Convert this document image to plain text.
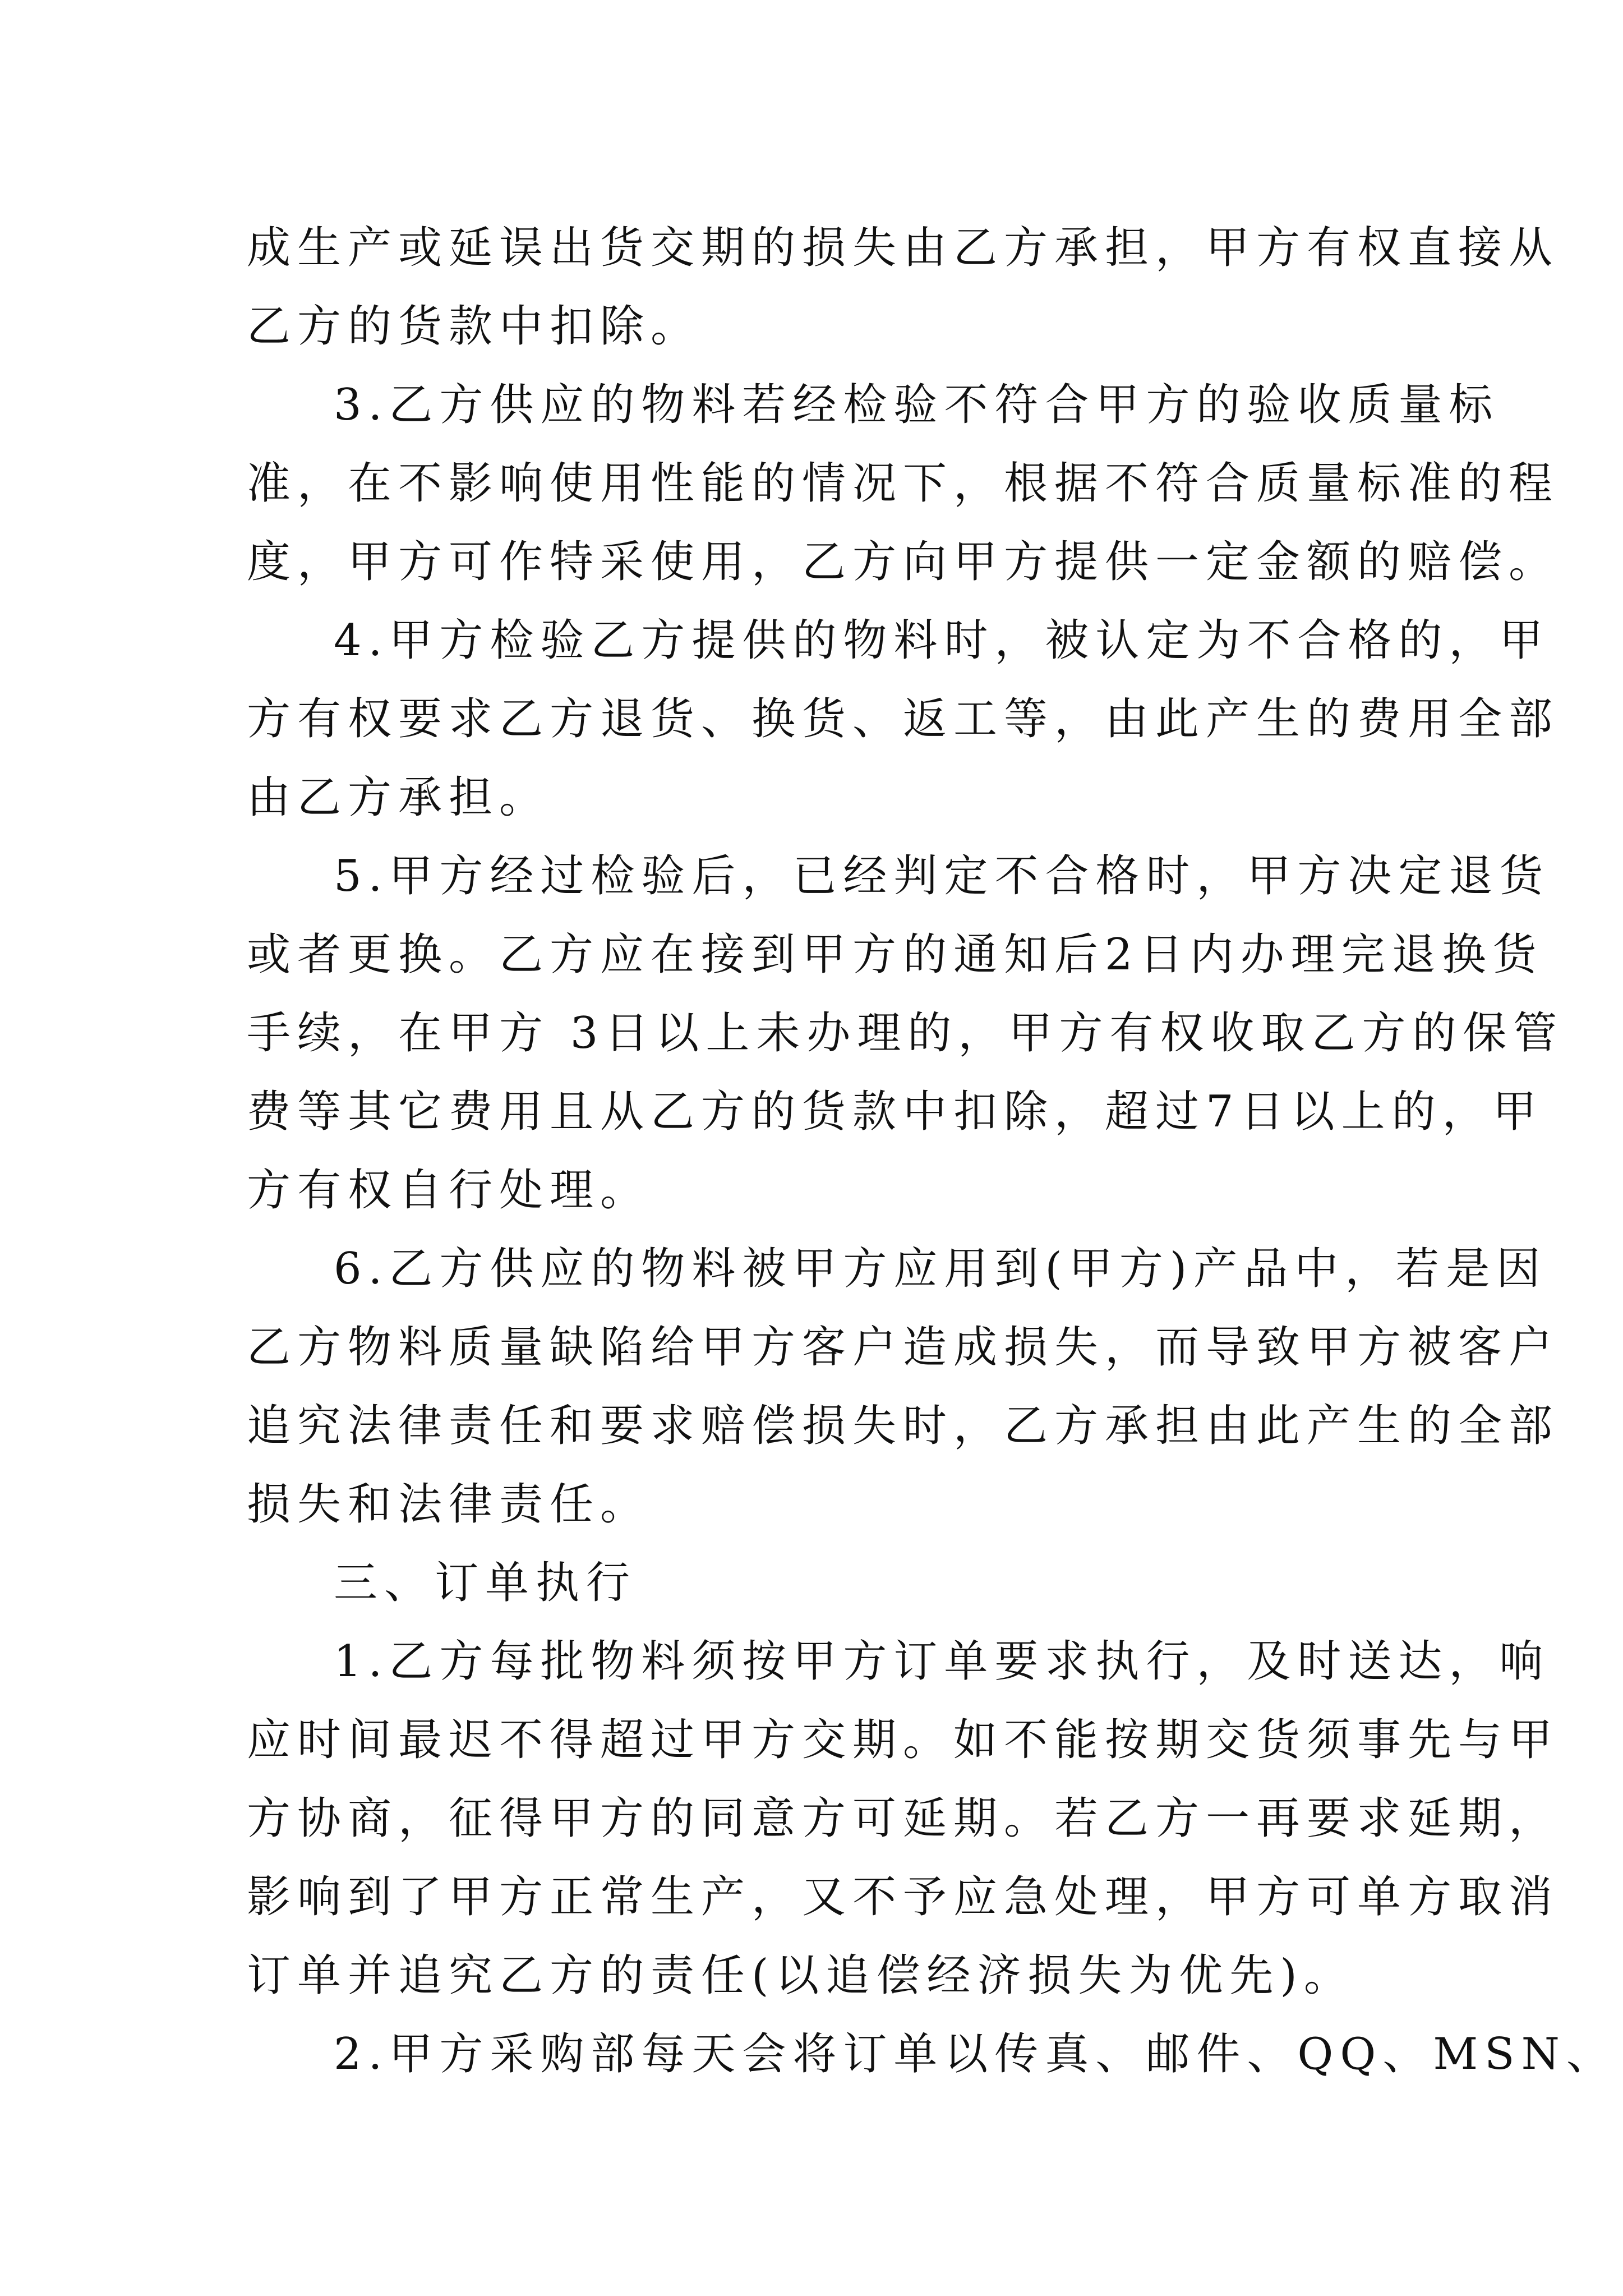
成生产或延误出货交期的损失由乙方承担，甲方有权直接从
乙方的货款中扣除。
3.乙方供应的物料若经检验不符合甲方的验收质量标
准，在不影响使用性能的情况下，根据不符合质量标准的程
度，甲方可作特采使用，乙方向甲方提供一定金额的赔偿。
4.甲方检验乙方提供的物料时，被认定为不合格的，甲
方有权要求乙方退货、换货、返工等，由此产生的费用全部
由乙方承担。
5.甲方经过检验后，已经判定不合格时，甲方决定退货
或者更换。乙方应在接到甲方的通知后2日内办理完退换货
手续，在甲方 3日以上未办理的，甲方有权收取乙方的保管
费等其它费用且从乙方的货款中扣除，超过7日以上的，甲
方有权自行处理。
6.乙方供应的物料被甲方应用到(甲方)产品中，若是因
乙方物料质量缺陷给甲方客户造成损失，而导致甲方被客户
追究法律责任和要求赔偿损失时，乙方承担由此产生的全部
损失和法律责任。
三、订单执行
1.乙方每批物料须按甲方订单要求执行，及时送达，响
应时间最迟不得超过甲方交期。如不能按期交货须事先与甲
方协商，征得甲方的同意方可延期。若乙方一再要求延期，
影响到了甲方正常生产，又不予应急处理，甲方可单方取消
订单并追究乙方的责任(以追偿经济损失为优先)。
2.甲方采购部每天会将订单以传真、邮件、QQ、MSN、
